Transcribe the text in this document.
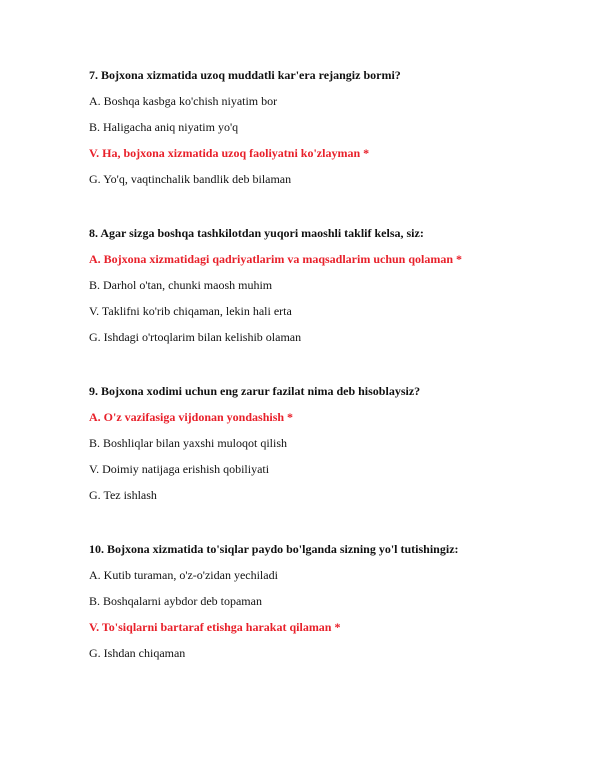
7. Bojxona xizmatida uzoq muddatli kar'era rejangiz bormi?
A. Boshqa kasbga ko'chish niyatim bor
B. Haligacha aniq niyatim yo'q
V. Ha, bojxona xizmatida uzoq faoliyatni ko'zlayman *
G. Yo'q, vaqtinchalik bandlik deb bilaman
8. Agar sizga boshqa tashkilotdan yuqori maoshli taklif kelsa, siz:
A. Bojxona xizmatidagi qadriyatlarim va maqsadlarim uchun qolaman *
B. Darhol o'tan, chunki maosh muhim
V. Taklifni ko'rib chiqaman, lekin hali erta
G. Ishdagi o'rtoqlarim bilan kelishib olaman
9. Bojxona xodimi uchun eng zarur fazilat nima deb hisoblaysiz?
A. O'z vazifasiga vijdonan yondashish *
B. Boshliqlar bilan yaxshi muloqot qilish
V. Doimiy natijaga erishish qobiliyati
G. Tez ishlash
10. Bojxona xizmatida to'siqlar paydo bo'lganda sizning yo'l tutishingiz:
A. Kutib turaman, o'z-o'zidan yechiladi
B. Boshqalarni aybdor deb topaman
V. To'siqlarni bartaraf etishga harakat qilaman *
G. Ishdan chiqaman
